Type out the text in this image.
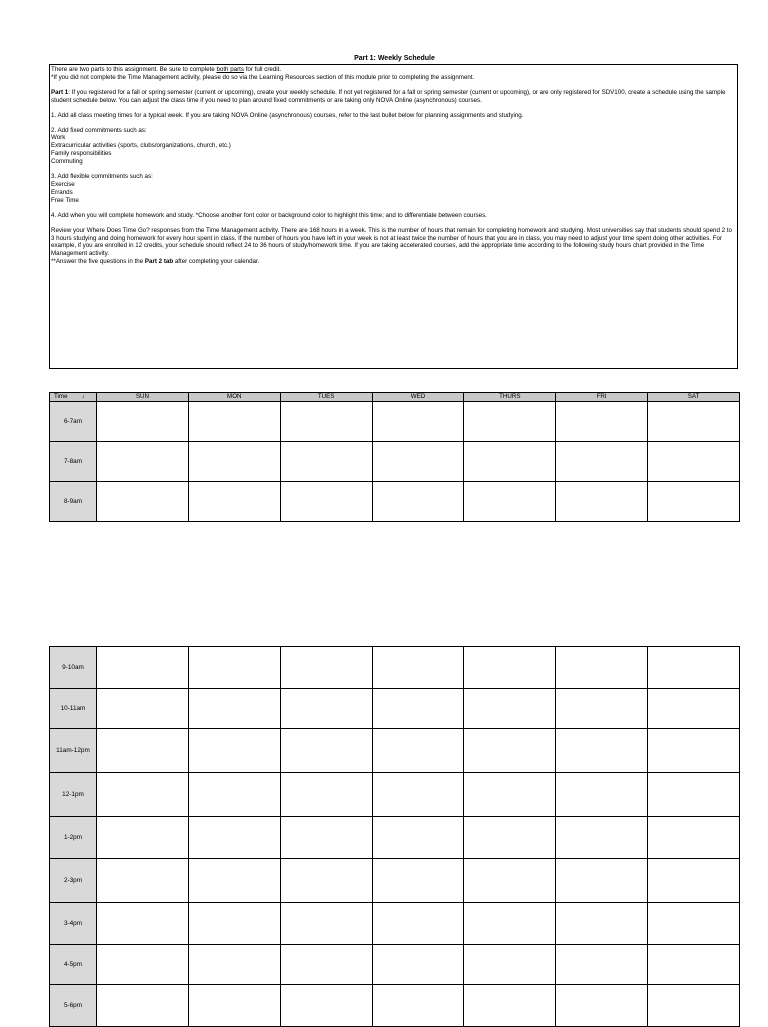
Part 1: Weekly Schedule

There are two parts to this assignment. Be sure to complete both parts for full credit.

*If you did not complete the Time Management activity, please do so via the Learning Resources section of this module prior to completing the assignment.

Part 1: If you registered for a fall or spring semester (current or upcoming), create your weekly schedule. If not yet registered for a fall or spring semester (current or upcoming), or are only registered for SDV100, create a schedule using the sample student schedule below. You can adjust the class time if you need to plan around fixed commitments or are taking only NOVA Online (asynchronous) courses.

1. Add all class meeting times for a typical week. If you are taking NOVA Online (asynchronous) courses, refer to the last bullet below for planning assignments and studying.

2. Add fixed commitments such as:

Work

Extracurricular activities (sports, clubs/organizations, church, etc.)

Family responsibilities

Commuting

3. Add flexible commitments such as:

Exercise

Errands

Free Time

4. Add when you will complete homework and study. *Choose another font color or background color to highlight this time; and to differentiate between courses.

Review your Where Does Time Go? responses from the Time Management activity. There are 168 hours in a week. This is the number of hours that remain for completing homework and studying. Most universities say that students should spend 2 to 3 hours studying and doing homework for every hour spent in class. If the number of hours you have left in your week is not at least twice the number of hours that you are in class, you may need to adjust your time spent doing other activities. For example, if you are enrolled in 12 credits, your schedule should reflect 24 to 36 hours of study/homework time. If you are taking accelerated courses, add the appropriate time according to the following study hours chart provided in the Time Management activity.

**Answer the five questions in the Part 2 tab after completing your calendar.

Time ↓	SUN	MON	TUES	WED	THURS	FRI	SAT
6-7am							
7-8am							
8-9am							
9-10am							
10-11am							
11am-12pm							
12-1pm							
1-2pm							
2-3pm							
3-4pm							
4-5pm							
5-6pm							
